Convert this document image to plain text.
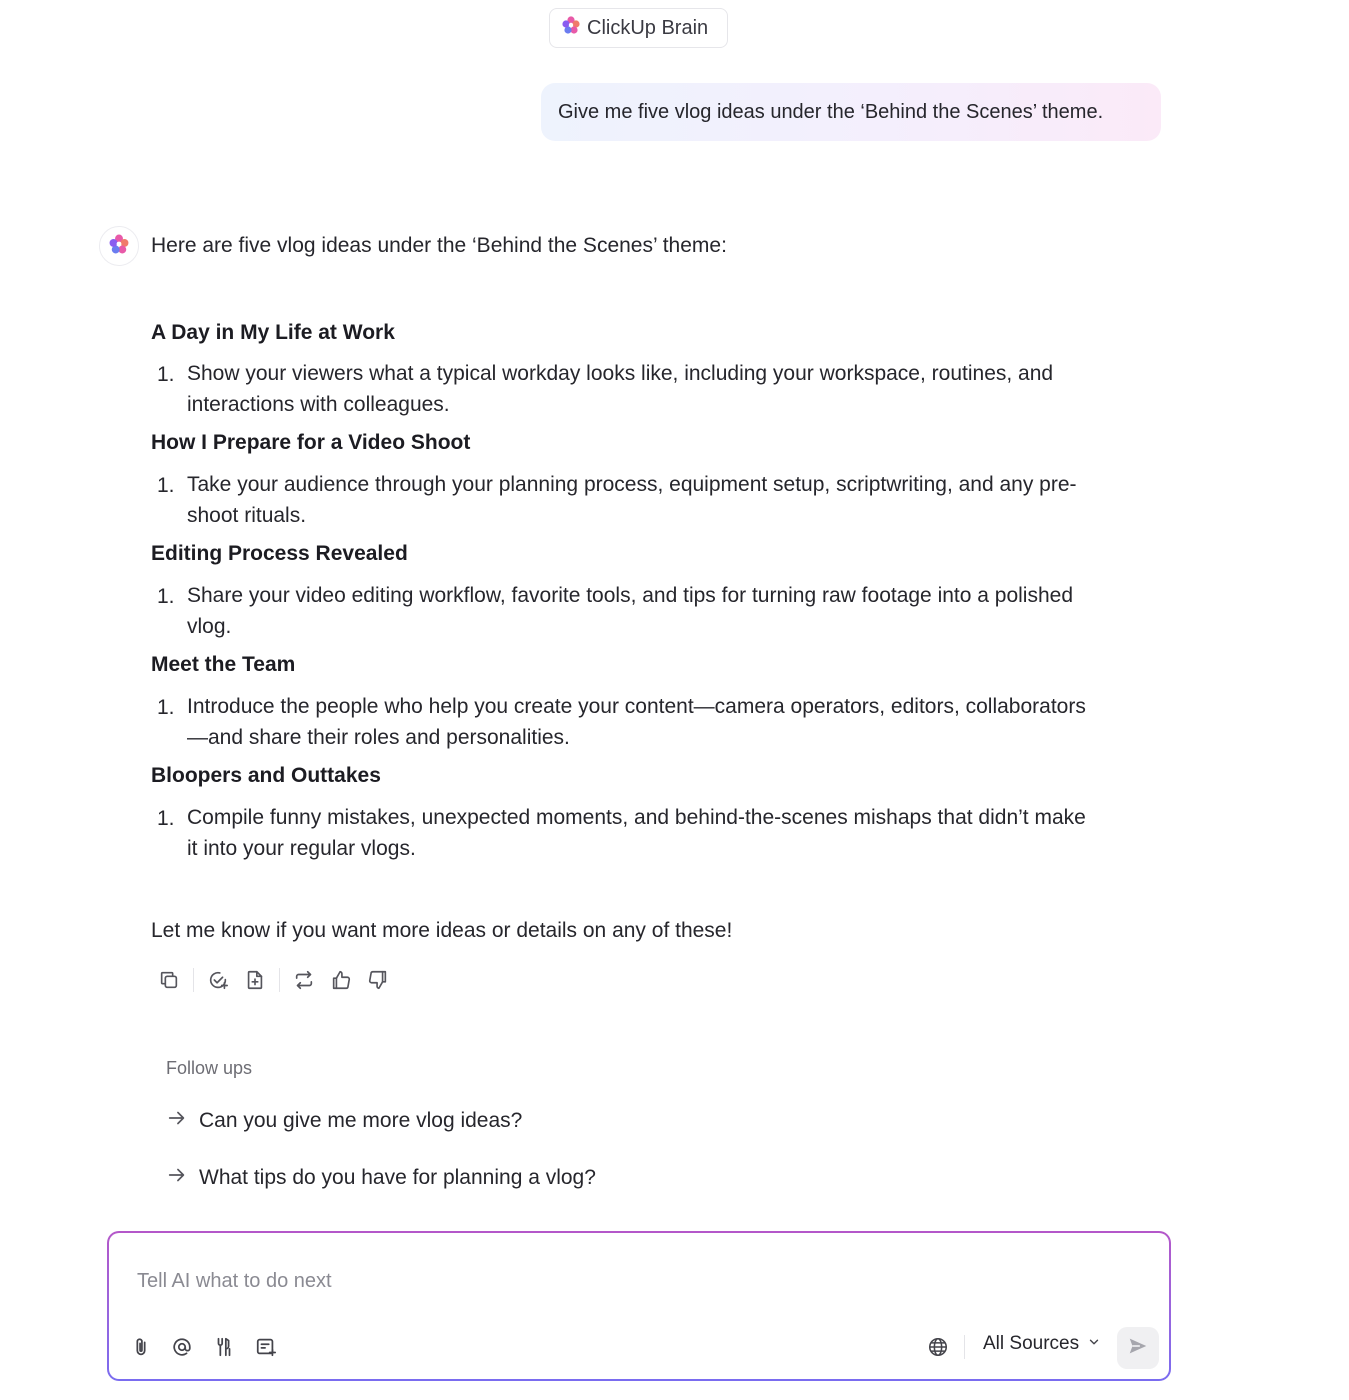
ClickUp Brain
Give me five vlog ideas under the ‘Behind the Scenes’ theme.
Here are five vlog ideas under the ‘Behind the Scenes’ theme:
A Day in My Life at Work
1. Show your viewers what a typical workday looks like, including your workspace, routines, and
interactions with colleagues.
How I Prepare for a Video Shoot
1. Take your audience through your planning process, equipment setup, scriptwriting, and any pre-
shoot rituals.
Editing Process Revealed
1. Share your video editing workflow, favorite tools, and tips for turning raw footage into a polished
vlog.
Meet the Team
1. Introduce the people who help you create your content—camera operators, editors, collaborators
—and share their roles and personalities.
Bloopers and Outtakes
1. Compile funny mistakes, unexpected moments, and behind-the-scenes mishaps that didn’t make
it into your regular vlogs.
Let me know if you want more ideas or details on any of these!
Follow ups
Can you give me more vlog ideas?
What tips do you have for planning a vlog?
Tell AI what to do next
All Sources
